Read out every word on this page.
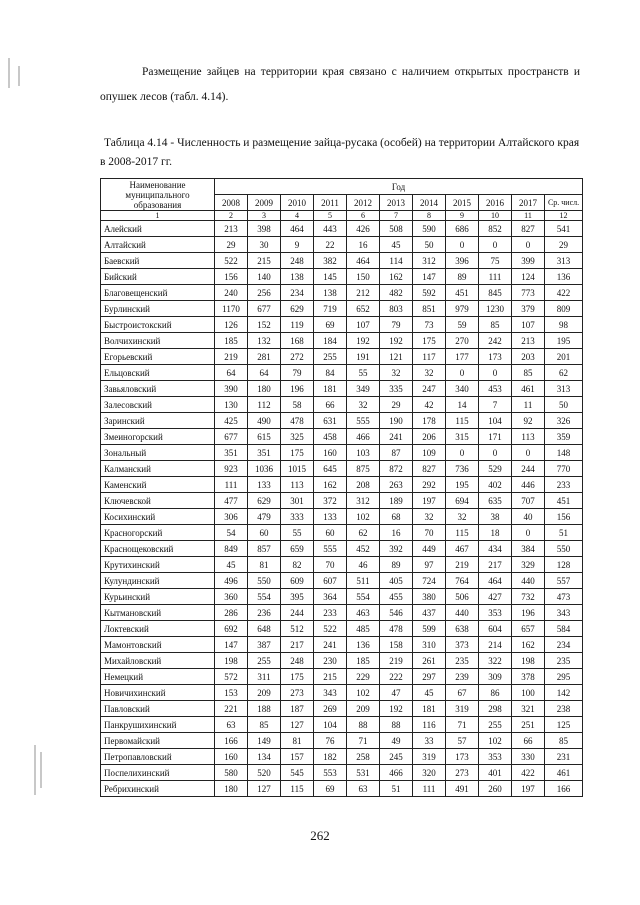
Размещение зайцев на территории края связано с наличием открытых пространств и опушек лесов (табл. 4.14).

Таблица 4.14 - Численность и размещение зайца-русака (особей) на территории Алтайского края в 2008-2017 гг.

Наименование муниципального образования	Год										
	2008	2009	2010	2011	2012	2013	2014	2015	2016	2017	Ср. числ.
1	2	3	4	5	6	7	8	9	10	11	12
Алейский	213	398	464	443	426	508	590	686	852	827	541
Алтайский	29	30	9	22	16	45	50	0	0	0	29
Баевский	522	215	248	382	464	114	312	396	75	399	313
Бийский	156	140	138	145	150	162	147	89	111	124	136
Благовещенский	240	256	234	138	212	482	592	451	845	773	422
Бурлинский	1170	677	629	719	652	803	851	979	1230	379	809
Быстроистокский	126	152	119	69	107	79	73	59	85	107	98
Волчихинский	185	132	168	184	192	192	175	270	242	213	195
Егорьевский	219	281	272	255	191	121	117	177	173	203	201
Ельцовский	64	64	79	84	55	32	32	0	0	85	62
Завьяловский	390	180	196	181	349	335	247	340	453	461	313
Залесовский	130	112	58	66	32	29	42	14	7	11	50
Заринский	425	490	478	631	555	190	178	115	104	92	326
Змеиногорский	677	615	325	458	466	241	206	315	171	113	359
Зональный	351	351	175	160	103	87	109	0	0	0	148
Калманский	923	1036	1015	645	875	872	827	736	529	244	770
Каменский	111	133	113	162	208	263	292	195	402	446	233
Ключевской	477	629	301	372	312	189	197	694	635	707	451
Косихинский	306	479	333	133	102	68	32	32	38	40	156
Красногорский	54	60	55	60	62	16	70	115	18	0	51
Краснощековский	849	857	659	555	452	392	449	467	434	384	550
Крутихинский	45	81	82	70	46	89	97	219	217	329	128
Кулундинский	496	550	609	607	511	405	724	764	464	440	557
Курьинский	360	554	395	364	554	455	380	506	427	732	473
Кытмановский	286	236	244	233	463	546	437	440	353	196	343
Локтевский	692	648	512	522	485	478	599	638	604	657	584
Мамонтовский	147	387	217	241	136	158	310	373	214	162	234
Михайловский	198	255	248	230	185	219	261	235	322	198	235
Немецкий	572	311	175	215	229	222	297	239	309	378	295
Новичихинский	153	209	273	343	102	47	45	67	86	100	142
Павловский	221	188	187	269	209	192	181	319	298	321	238
Панкрушихинский	63	85	127	104	88	88	116	71	255	251	125
Первомайский	166	149	81	76	71	49	33	57	102	66	85
Петропавловский	160	134	157	182	258	245	319	173	353	330	231
Поспелихинский	580	520	545	553	531	466	320	273	401	422	461
Ребрихинский	180	127	115	69	63	51	111	491	260	197	166
262
